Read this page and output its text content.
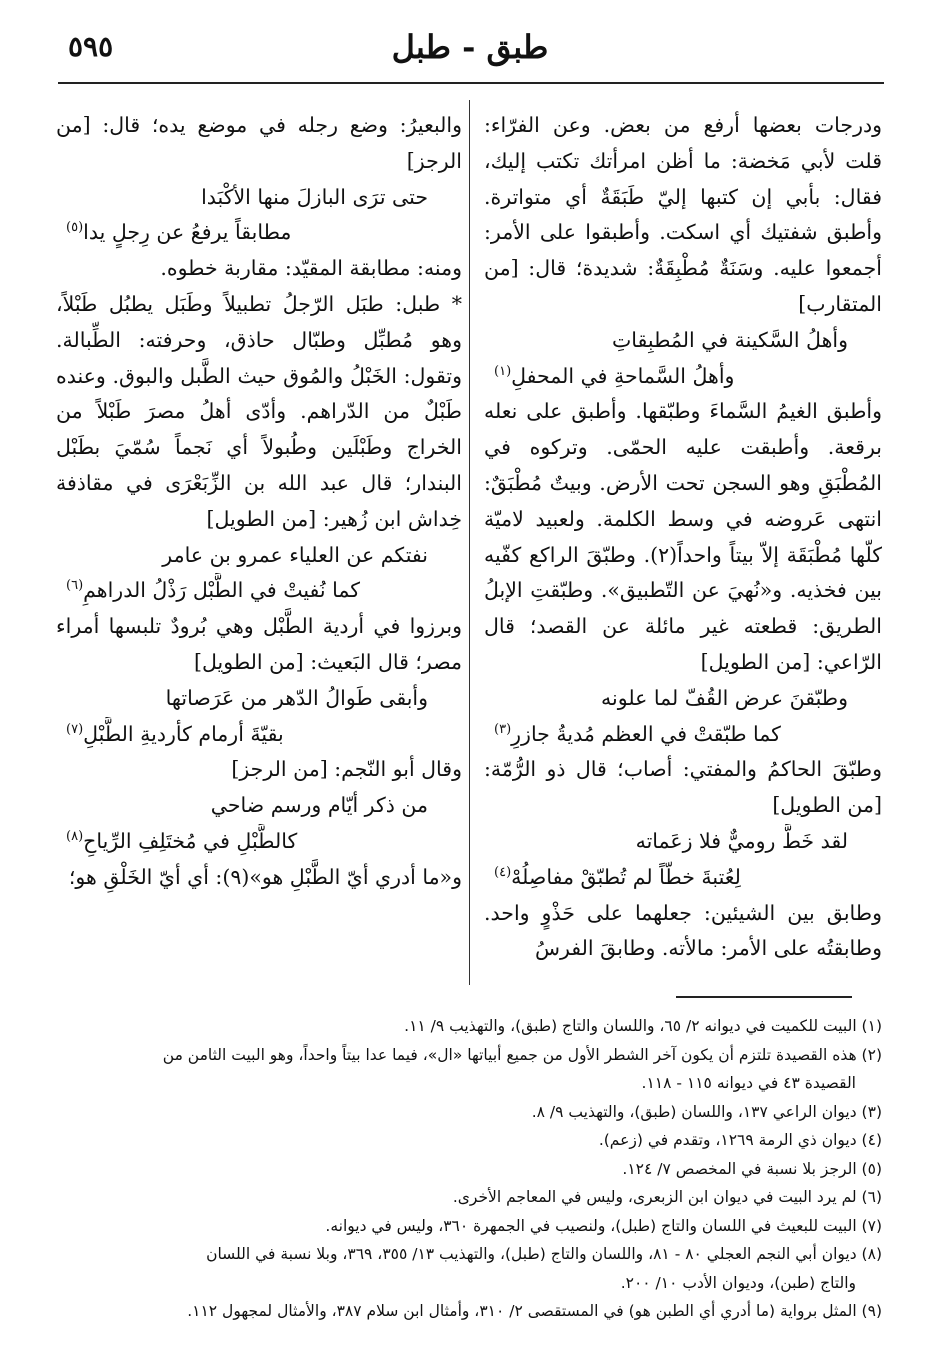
٥٩٥	طبق - طبل

ودرجات بعضها أرفع من بعض. وعن الفرّاء: قلت لأبي مَخضة: ما أظن امرأتك تكتب إليك، فقال: بأبي إن كتبها إليّ طَبَقَةٌ أي متواترة. وأطبق شفتيك أي اسكت. وأطبقوا على الأمر: أجمعوا عليه. وسَنَةٌ مُطْبِقَةٌ: شديدة؛ قال: [من المتقارب]

وأهلُ السَّكينة في المُطبِقاتِ
وأهلُ السَّماحةِ في المحفلِ$^{(١)}$

وأطبق الغيمُ السَّماءَ وطبّقها. وأطبق على نعله برقعة. وأطبقت عليه الحمّى. وتركوه في المُطْبَقِ وهو السجن تحت الأرض. وبيتٌ مُطْبَقٌ: انتهى عَروضه في وسط الكلمة. ولعبيد لاميّة كلّها مُطْبَقَة إلاّ بيتاً واحداً(٢). وطبّقَ الراكع كفّيه بين فخذيه. و«نُهيَ عن التّطبيق». وطبّقتِ الإبلُ الطريق: قطعته غير مائلة عن القصد؛ قال الرّاعي: [من الطويل]

وطبّقنَ عرض القُفّ لما علونه
كما طبّقتْ في العظم مُديةُ جازرِ$^{(٣)}$

وطبّقَ الحاكمُ والمفتي: أصاب؛ قال ذو الرُّمّة: [من الطويل]

لقد خَطَّ روميٌّ فلا زعَماته
لِعُتبةَ خطّاً لم تُطبّقْ مفاصِلُهْ$^{(٤)}$

وطابق بين الشيئين: جعلهما على حَذْوٍ واحد. وطابقتُه على الأمر: مالأته. وطابقَ الفرسُ

والبعيرُ: وضع رجله في موضع يده؛ قال: [من الرجز]

حتى ترَى البازلَ منها الأكْبَدا
مطابقاً يرفعُ عن رِجلٍ يدا$^{(٥)}$

ومنه: مطابقة المقيّد: مقاربة خطوه.

* طبل: طبَل الرّجلُ تطبيلاً وطَبَل يطبُل طَبْلاً، وهو مُطبِّل وطبّال حاذق، وحرفته: الطِّبالة. وتقول: الخَبْلُ والمُوق حيث الطَّبل والبوق. وعنده طَبْلٌ من الدّراهم. وأدّى أهلُ مصرَ طَبْلاً من الخراج وطَبْلَين وطُبولاً أي نَجماً سُمّيَ بطَبْل البندار؛ قال عبد الله بن الزِّبَعْرَى في مقاذفة خِداش ابن زُهير: [من الطويل]

نفتكم عن العلياء عمرو بن عامر
كما نُفيتْ في الطَّبْل رَذْلُ الدراهمِ$^{(٦)}$

وبرزوا في أردية الطَّبْل وهي بُرودٌ تلبسها أمراء مصر؛ قال البَعيث: [من الطويل]

وأبقى طَوالُ الدّهر من عَرَصاتها
بقيّةَ أرمام كأرديةِ الطَّبْلِ$^{(٧)}$

وقال أبو النّجم: [من الرجز]

من ذكر أيّام ورسم ضاحي
كالطَّبْلِ في مُختَلِفِ الرِّياحِ$^{(٨)}$

و«ما أدري أيّ الطَّبْلِ هو»(٩): أي أيّ الخَلْقِ هو؛

(١) البيت للكميت في ديوانه ٢/ ٦٥، واللسان والتاج (طبق)، والتهذيب ٩/ ١١.
(٢) هذه القصيدة تلتزم أن يكون آخر الشطر الأول من جميع أبياتها «ال»، فيما عدا بيتاً واحداً، وهو البيت الثامن من
القصيدة ٤٣ في ديوانه ١١٥ - ١١٨.
(٣) ديوان الراعي ١٣٧، واللسان (طبق)، والتهذيب ٩/ ٨.
(٤) ديوان ذي الرمة ١٢٦٩، وتقدم في (زعم).
(٥) الرجز بلا نسبة في المخصص ٧/ ١٢٤.
(٦) لم يرد البيت في ديوان ابن الزبعرى، وليس في المعاجم الأخرى.
(٧) البيت للبعيث في اللسان والتاج (طبل)، ولنصيب في الجمهرة ٣٦٠، وليس في ديوانه.
(٨) ديوان أبي النجم العجلي ٨٠ - ٨١، واللسان والتاج (طبل)، والتهذيب ١٣/ ٣٥٥، ٣٦٩، وبلا نسبة في اللسان
والتاج (طبن)، وديوان الأدب ١٠/ ٢٠٠.
(٩) المثل برواية (ما أدري أي الطبن هو) في المستقصى ٢/ ٣١٠، وأمثال ابن سلام ٣٨٧، والأمثال لمجهول ١١٢.
